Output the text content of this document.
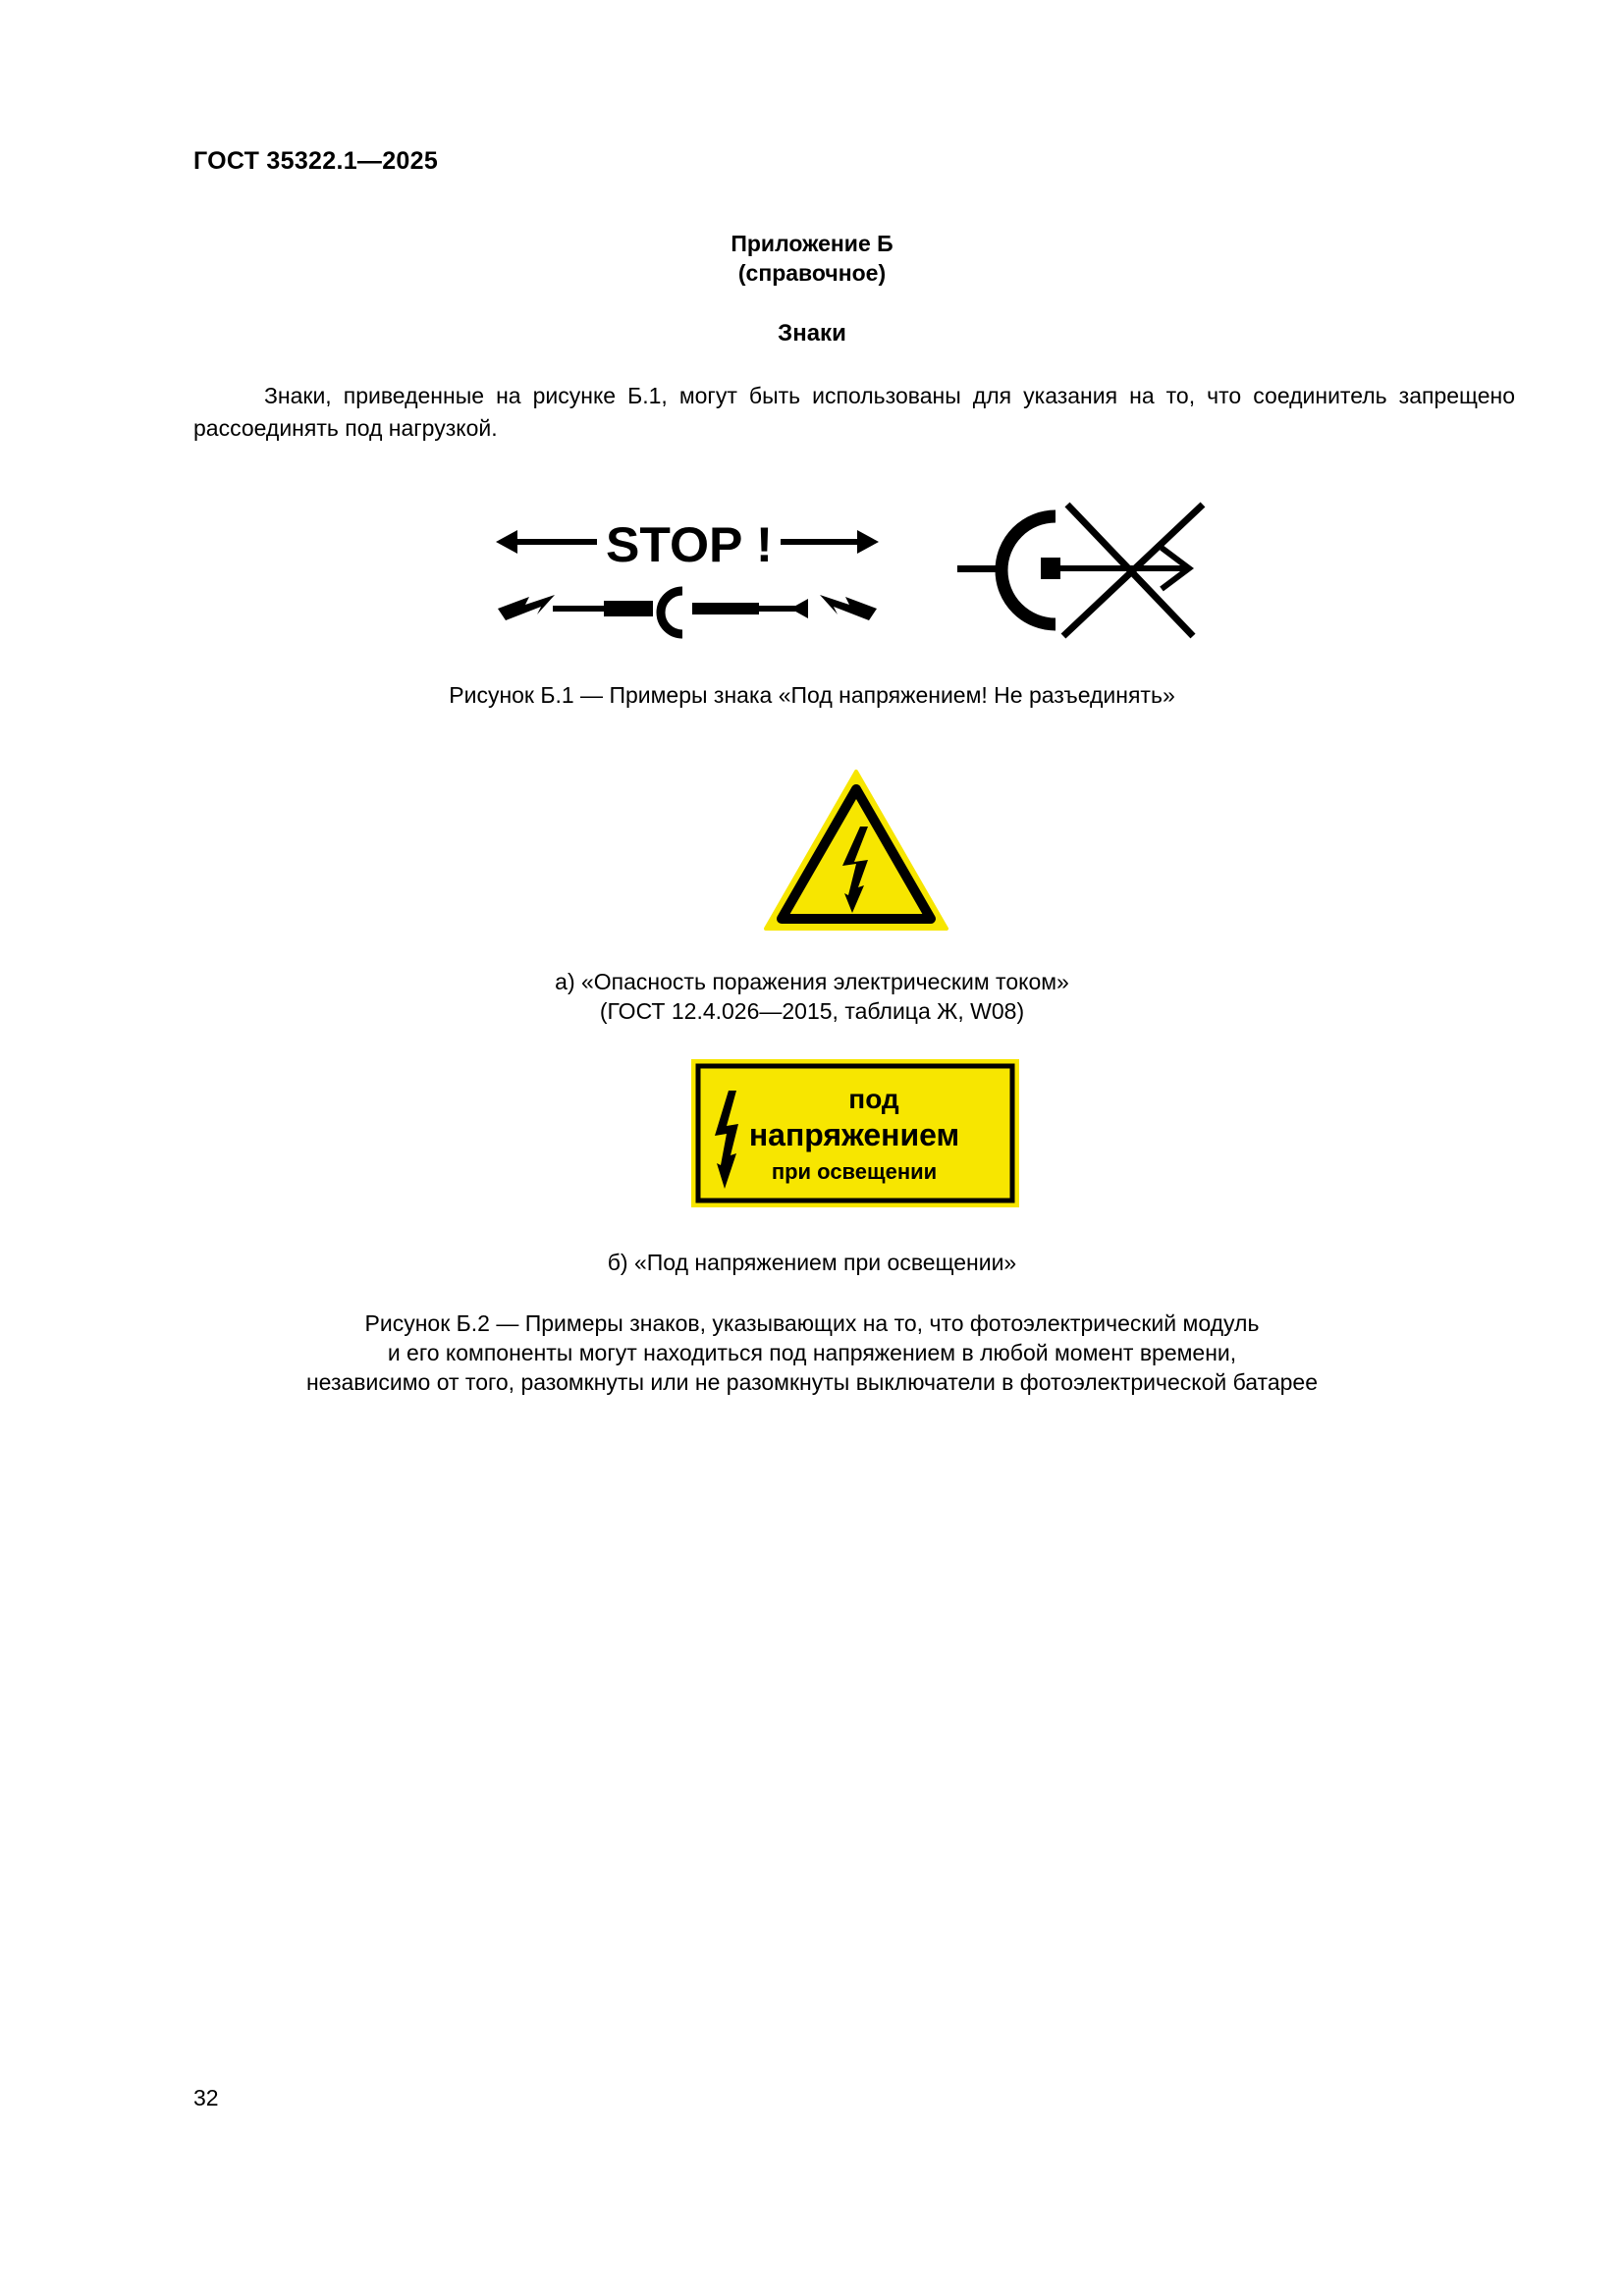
ГОСТ 35322.1—2025
Приложение Б
(справочное)
Знаки
Знаки, приведенные на рисунке Б.1, могут быть использованы для указания на то, что соединитель запрещено рассоединять под нагрузкой.
STOP !
Рисунок Б.1 — Примеры знака «Под напряжением! Не разъединять»
а) «Опасность поражения электрическим током»
(ГОСТ 12.4.026—2015, таблица Ж, W08)
под
напряжением
при освещении
б) «Под напряжением при освещении»
Рисунок Б.2 — Примеры знаков, указывающих на то, что фотоэлектрический модуль
и его компоненты могут находиться под напряжением в любой момент времени,
независимо от того, разомкнуты или не разомкнуты выключатели в фотоэлектрической батарее
32
